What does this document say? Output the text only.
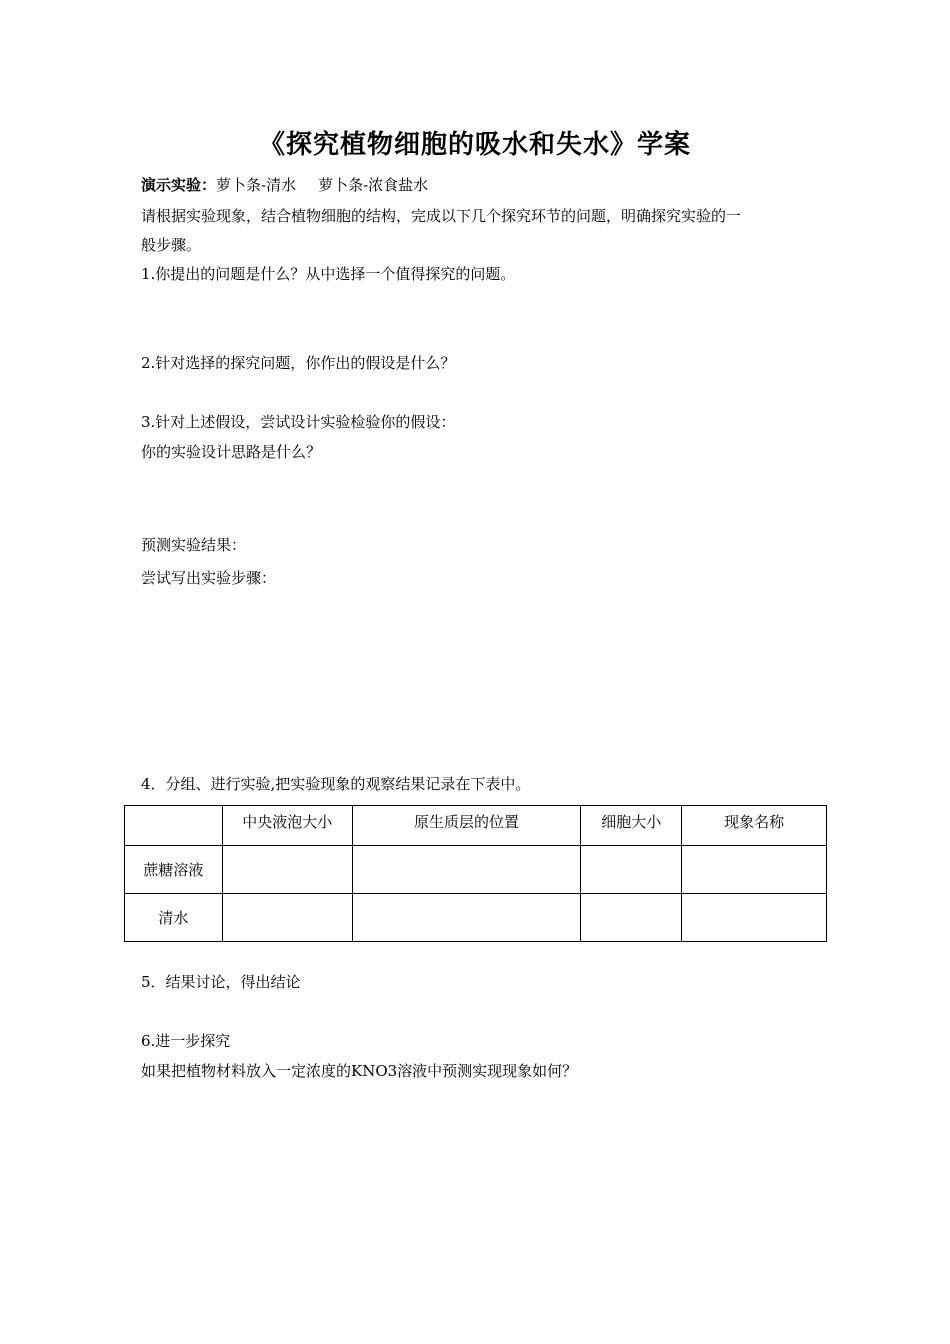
《探究植物细胞的吸水和失水》学案
演示实验：萝卜条-清水 萝卜条-浓食盐水
请根据实验现象，结合植物细胞的结构，完成以下几个探究环节的问题，明确探究实验的一
般步骤。
1.你提出的问题是什么？从中选择一个值得探究的问题。
2.针对选择的探究问题，你作出的假设是什么？
3.针对上述假设，尝试设计实验检验你的假设：
你的实验设计思路是什么？
预测实验结果：
尝试写出实验步骤：
4．分组、进行实验,把实验现象的观察结果记录在下表中。
	中央液泡大小	原生质层的位置	细胞大小	现象名称
蔗糖溶液				
清水				
5．结果讨论，得出结论
6.进一步探究
如果把植物材料放入一定浓度的KNO3溶液中预测实现现象如何？
